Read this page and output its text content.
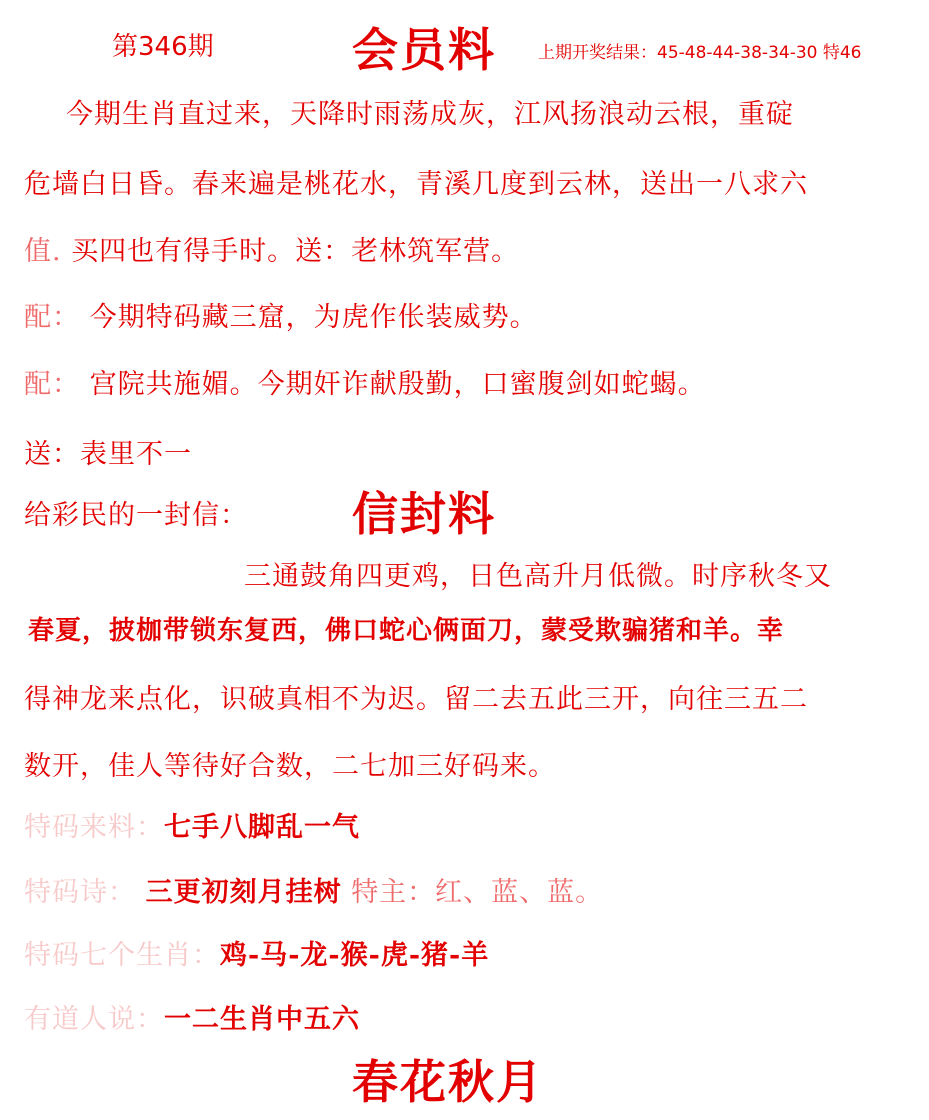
第346期	会员料 上期开奖结果：45-48-44-38-34-30 特46
今期生肖直过来，天降时雨荡成灰，江风扬浪动云根，重碇
危墙白日昏。春来遍是桃花水，青溪几度到云林，送出一八求六
值. 买四也有得手时。送：老林筑军营。
配： 今期特码藏三窟，为虎作伥装威势。
配： 宫院共施媚。今期奸诈献殷勤，口蜜腹剑如蛇蝎。
送：表里不一
给彩民的一封信： 信封料
三通鼓角四更鸡，日色高升月低微。时序秋冬又
春夏，披枷带锁东复西，佛口蛇心俩面刀，蒙受欺骗猪和羊。幸
得神龙来点化，识破真相不为迟。留二去五此三开，向往三五二
数开，佳人等待好合数，二七加三好码来。
特码来料：七手八脚乱一气
特码诗： 三更初刻月挂树 特主：红、蓝、蓝。
特码七个生肖：鸡-马-龙-猴-虎-猪-羊
有道人说：一二生肖中五六
春花秋月
